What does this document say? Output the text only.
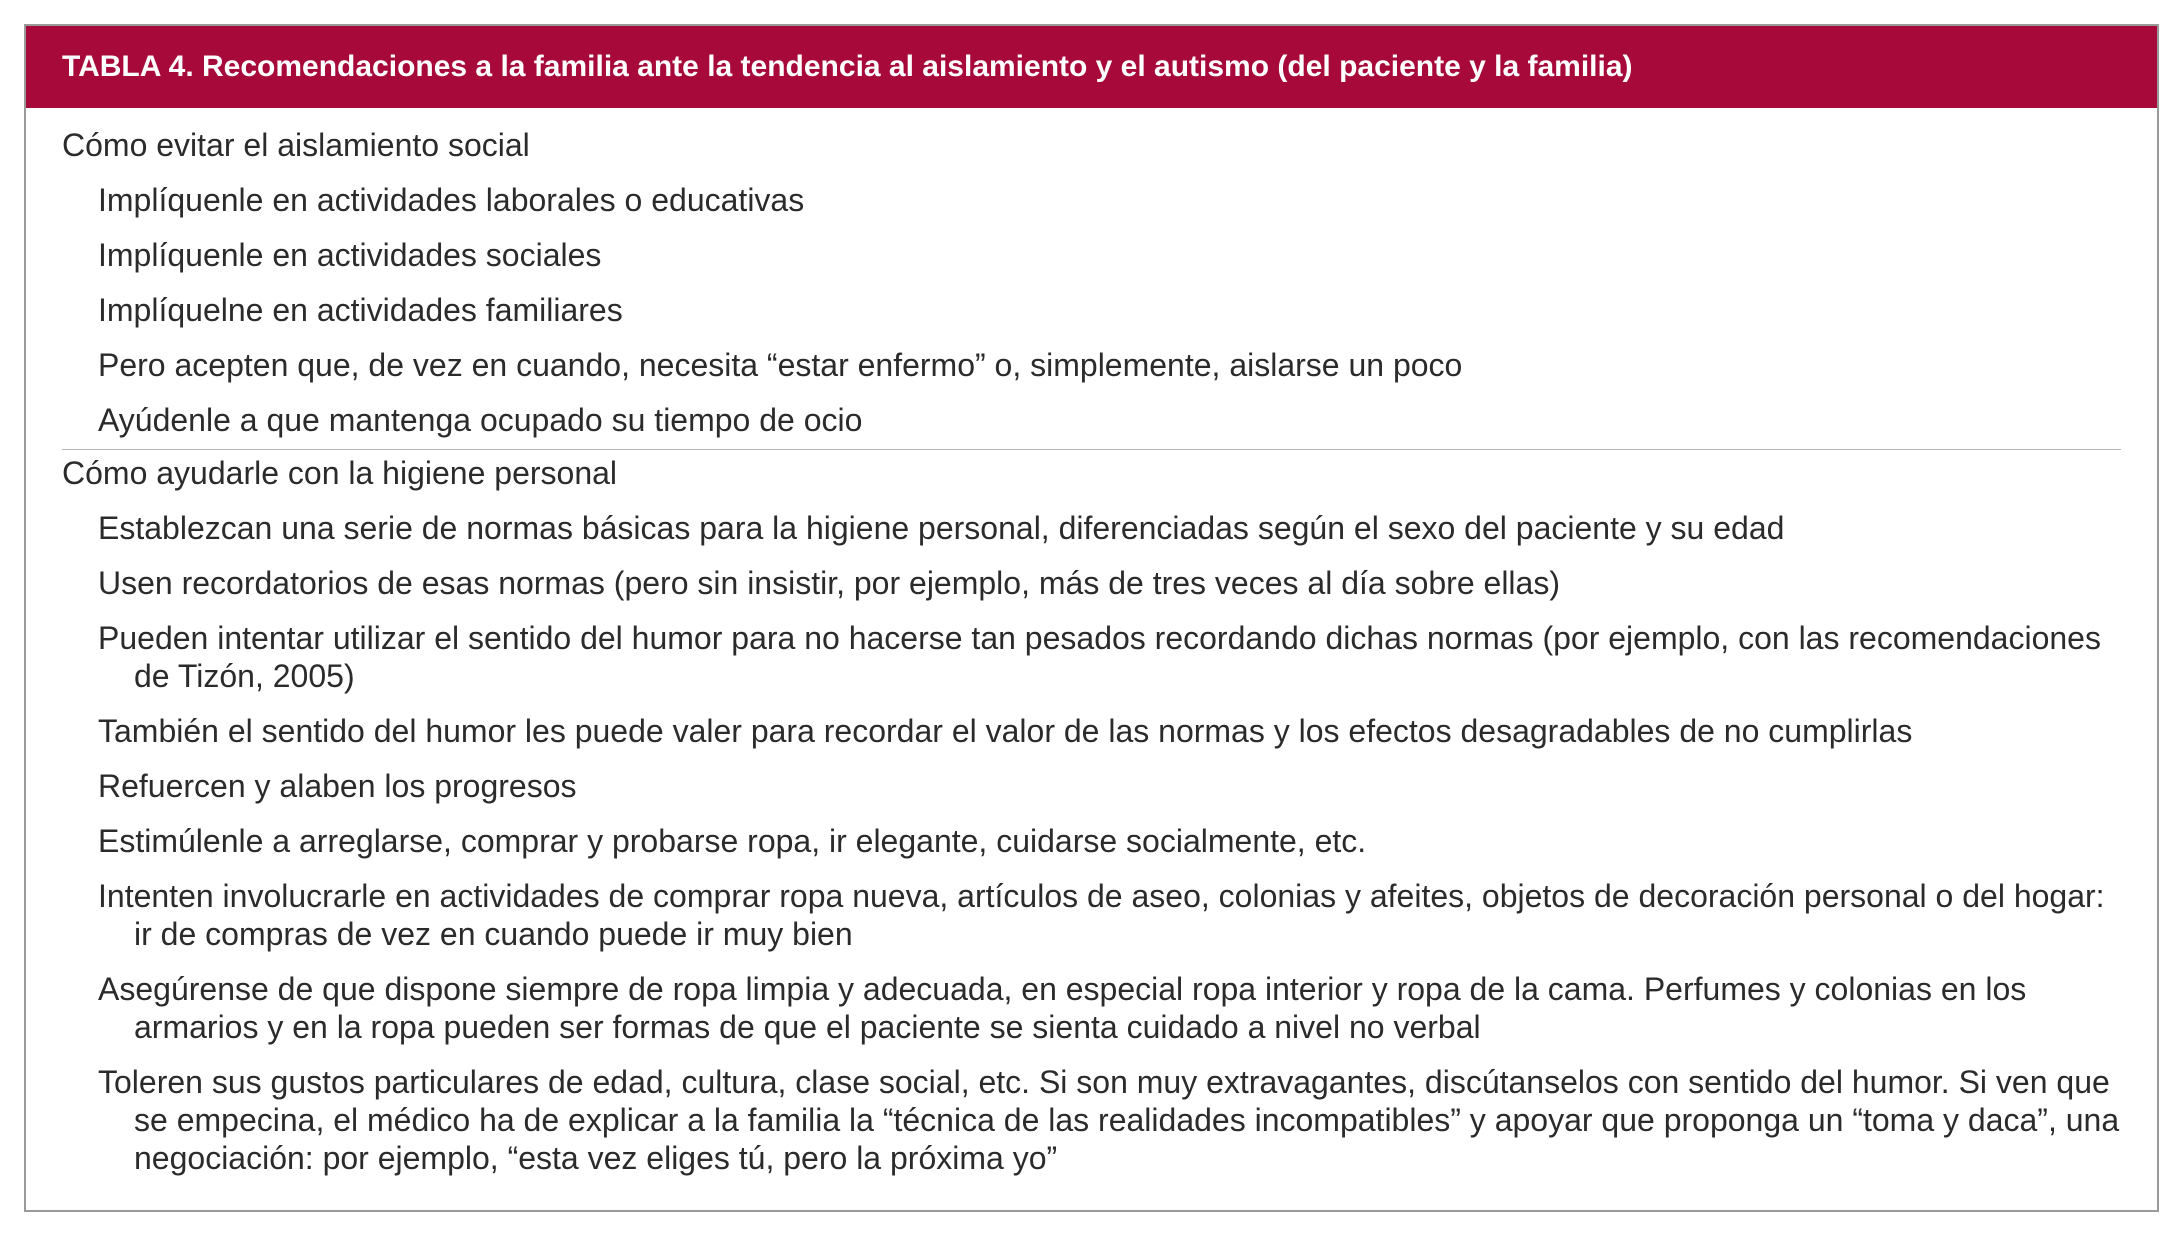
TABLA 4. Recomendaciones a la familia ante la tendencia al aislamiento y el autismo (del paciente y la familia)

Cómo evitar el aislamiento social

Implíquenle en actividades laborales o educativas

Implíquenle en actividades sociales

Implíquelne en actividades familiares

Pero acepten que, de vez en cuando, necesita “estar enfermo” o, simplemente, aislarse un poco

Ayúdenle a que mantenga ocupado su tiempo de ocio

Cómo ayudarle con la higiene personal

Establezcan una serie de normas básicas para la higiene personal, diferenciadas según el sexo del paciente y su edad

Usen recordatorios de esas normas (pero sin insistir, por ejemplo, más de tres veces al día sobre ellas)

Pueden intentar utilizar el sentido del humor para no hacerse tan pesados recordando dichas normas (por ejemplo, con las recomendaciones de Tizón, 2005)

También el sentido del humor les puede valer para recordar el valor de las normas y los efectos desagradables de no cumplirlas

Refuercen y alaben los progresos

Estimúlenle a arreglarse, comprar y probarse ropa, ir elegante, cuidarse socialmente, etc.

Intenten involucrarle en actividades de comprar ropa nueva, artículos de aseo, colonias y afeites, objetos de decoración personal o del hogar: ir de compras de vez en cuando puede ir muy bien

Asegúrense de que dispone siempre de ropa limpia y adecuada, en especial ropa interior y ropa de la cama. Perfumes y colonias en los armarios y en la ropa pueden ser formas de que el paciente se sienta cuidado a nivel no verbal

Toleren sus gustos particulares de edad, cultura, clase social, etc. Si son muy extravagantes, discútanselos con sentido del humor. Si ven que se empecina, el médico ha de explicar a la familia la “técnica de las realidades incompatibles” y apoyar que proponga un “toma y daca”, una negociación: por ejemplo, “esta vez eliges tú, pero la próxima yo”
